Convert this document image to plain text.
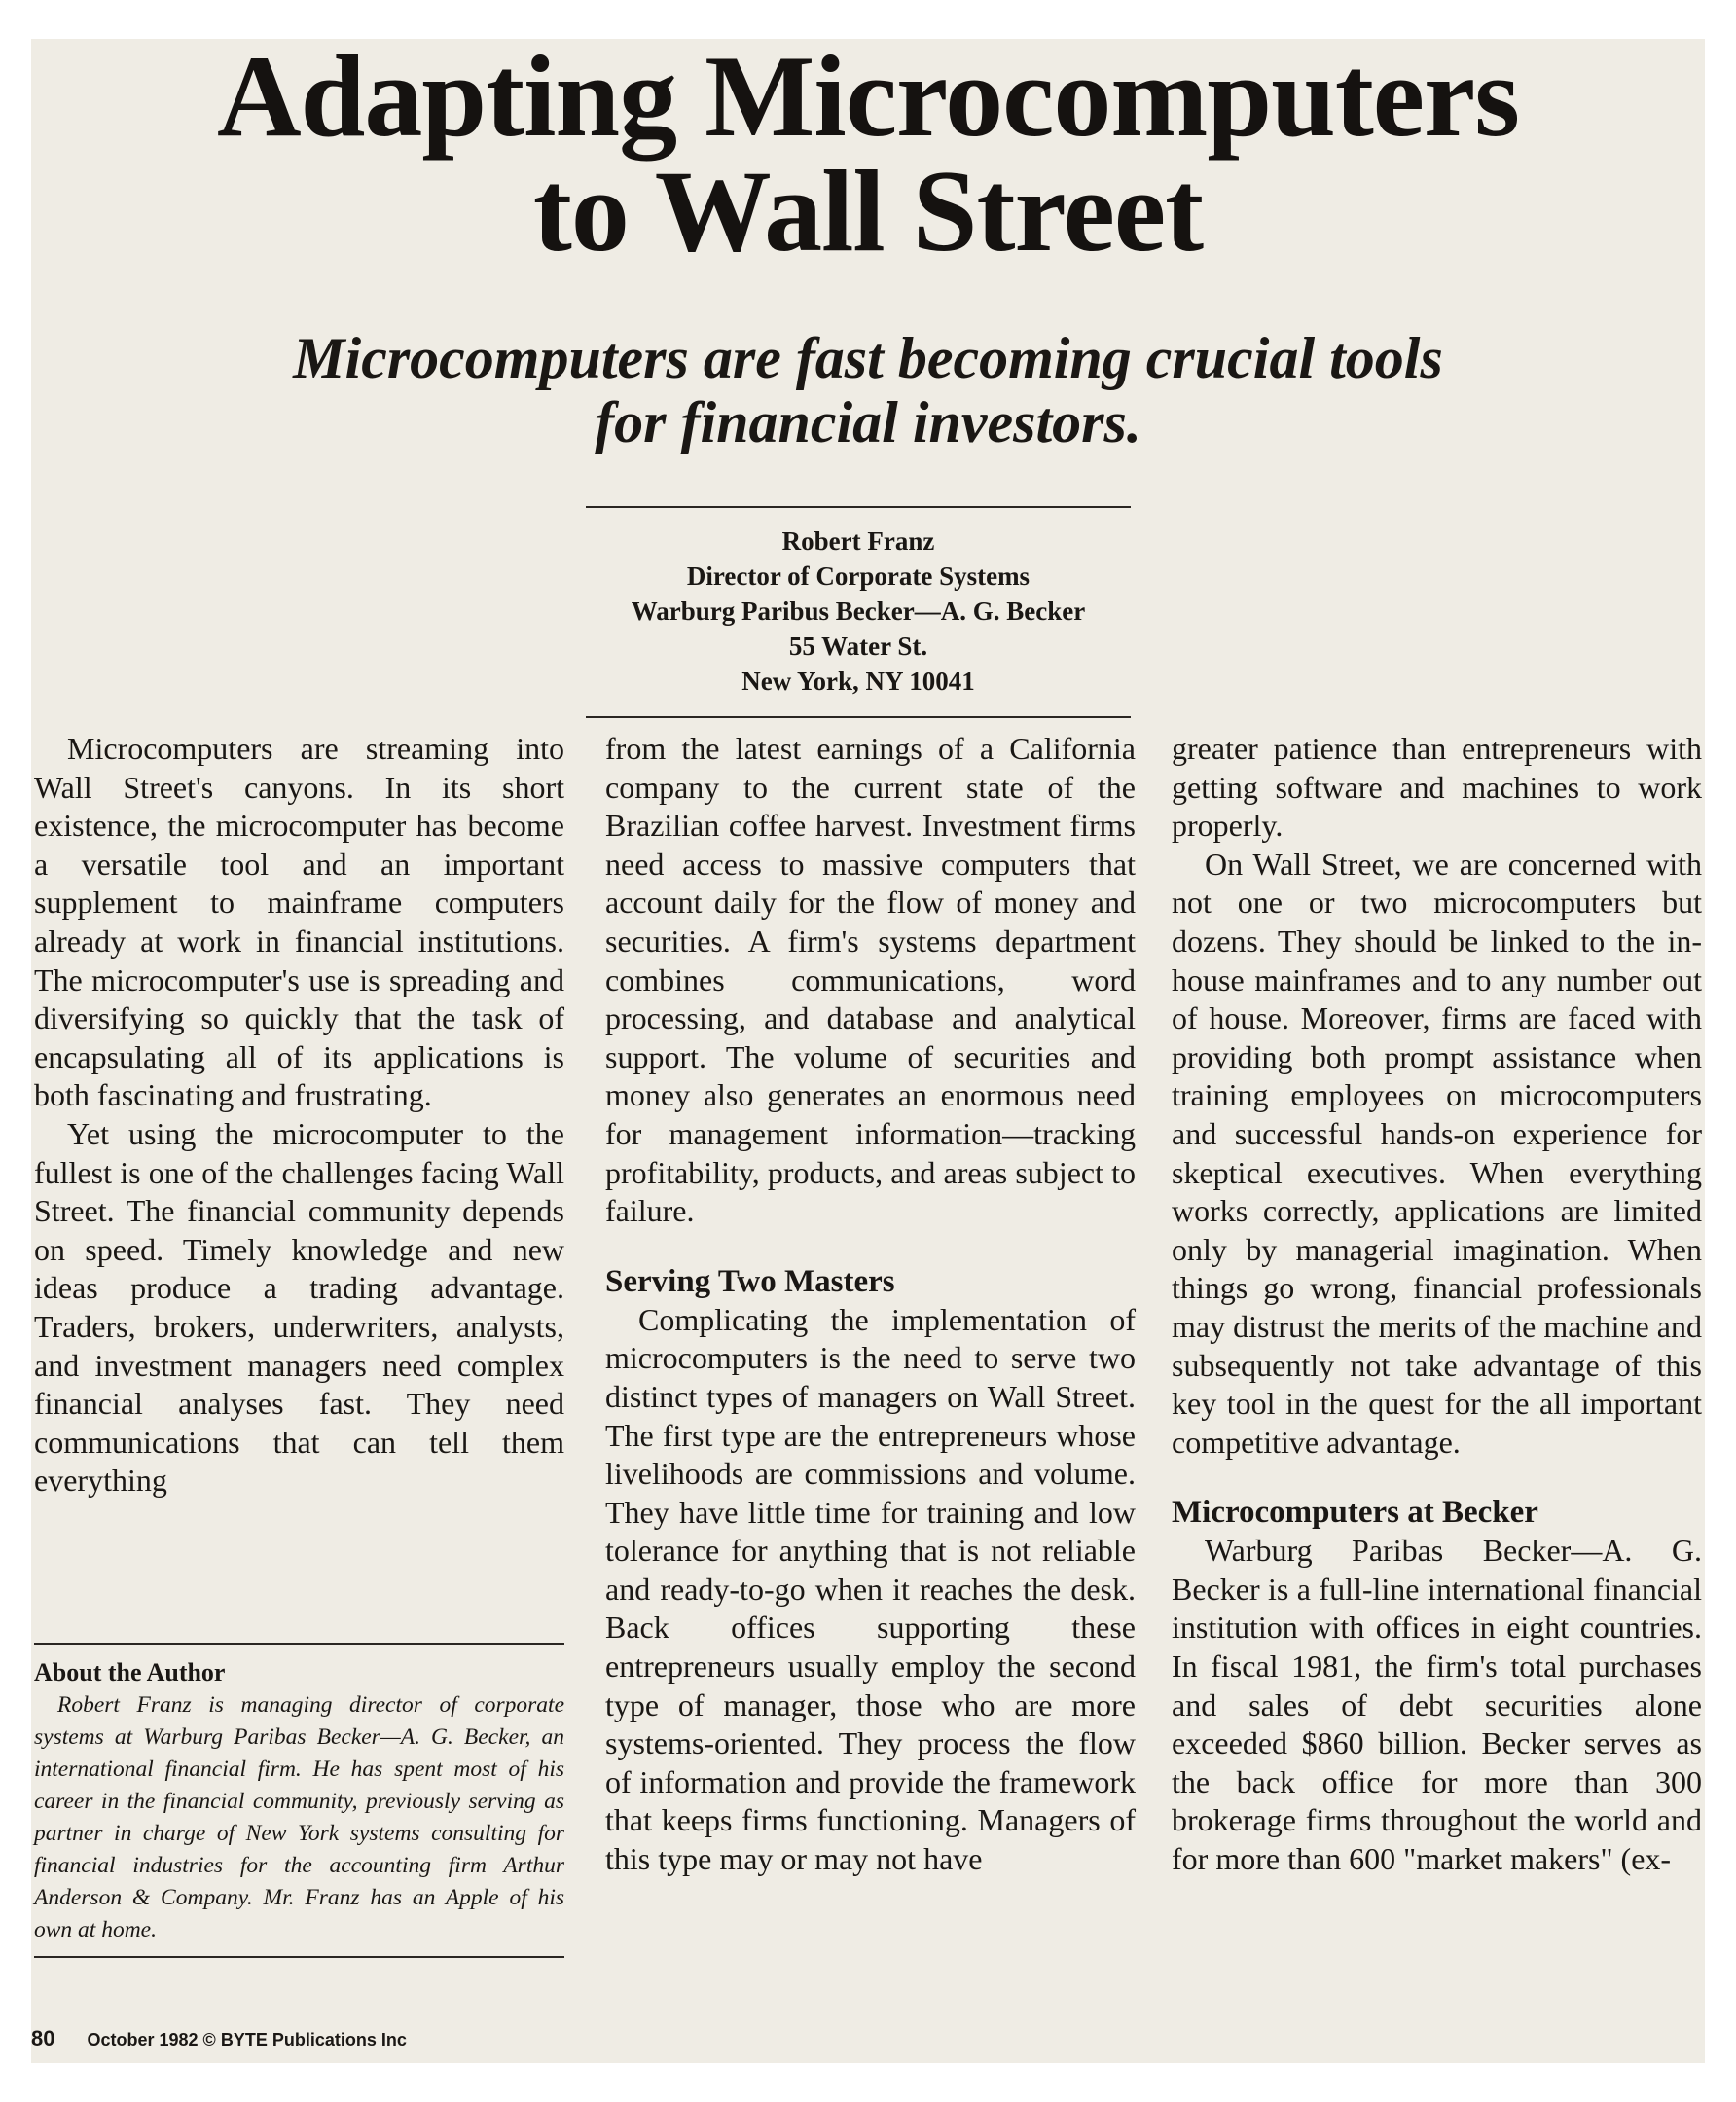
Adapting Microcomputers
to Wall Street
Microcomputers are fast becoming crucial tools
for financial investors.
Robert Franz
Director of Corporate Systems
Warburg Paribus Becker—A. G. Becker
55 Water St.
New York, NY 10041

Microcomputers are streaming into Wall Street's canyons. In its short existence, the microcomputer has become a versatile tool and an important supplement to mainframe computers already at work in financial institutions. The microcomputer's use is spreading and diversifying so quickly that the task of encapsulating all of its applications is both fascinating and frustrating.

Yet using the microcomputer to the fullest is one of the challenges facing Wall Street. The financial community depends on speed. Timely knowledge and new ideas produce a trading advantage. Traders, brokers, underwriters, analysts, and investment managers need complex financial analyses fast. They need communications that can tell them everything

About the Author

Robert Franz is managing director of corporate systems at Warburg Paribas Becker—A. G. Becker, an international financial firm. He has spent most of his career in the financial community, previously serving as partner in charge of New York systems consulting for financial industries for the accounting firm Arthur Anderson & Company. Mr. Franz has an Apple of his own at home.

from the latest earnings of a California company to the current state of the Brazilian coffee harvest. Investment firms need access to massive computers that account daily for the flow of money and securities. A firm's systems department combines communications, word processing, and database and analytical support. The volume of securities and money also generates an enormous need for management information—tracking profitability, products, and areas subject to failure.

Serving Two Masters

Complicating the implementation of microcomputers is the need to serve two distinct types of managers on Wall Street. The first type are the entrepreneurs whose livelihoods are commissions and volume. They have little time for training and low tolerance for anything that is not reliable and ready-to-go when it reaches the desk. Back offices supporting these entrepreneurs usually employ the second type of manager, those who are more systems-oriented. They process the flow of information and provide the framework that keeps firms functioning. Managers of this type may or may not have

greater patience than entrepreneurs with getting software and machines to work properly.

On Wall Street, we are concerned with not one or two microcomputers but dozens. They should be linked to the in-house mainframes and to any number out of house. Moreover, firms are faced with providing both prompt assistance when training employees on microcomputers and successful hands-on experience for skeptical executives. When everything works correctly, applications are limited only by managerial imagination. When things go wrong, financial professionals may distrust the merits of the machine and subsequently not take advantage of this key tool in the quest for the all important competitive advantage.

Microcomputers at Becker

Warburg Paribas Becker—A. G. Becker is a full-line international financial institution with offices in eight countries. In fiscal 1981, the firm's total purchases and sales of debt securities alone exceeded $860 billion. Becker serves as the back office for more than 300 brokerage firms throughout the world and for more than 600 "market makers" (ex-

80 October 1982 © BYTE Publications Inc
